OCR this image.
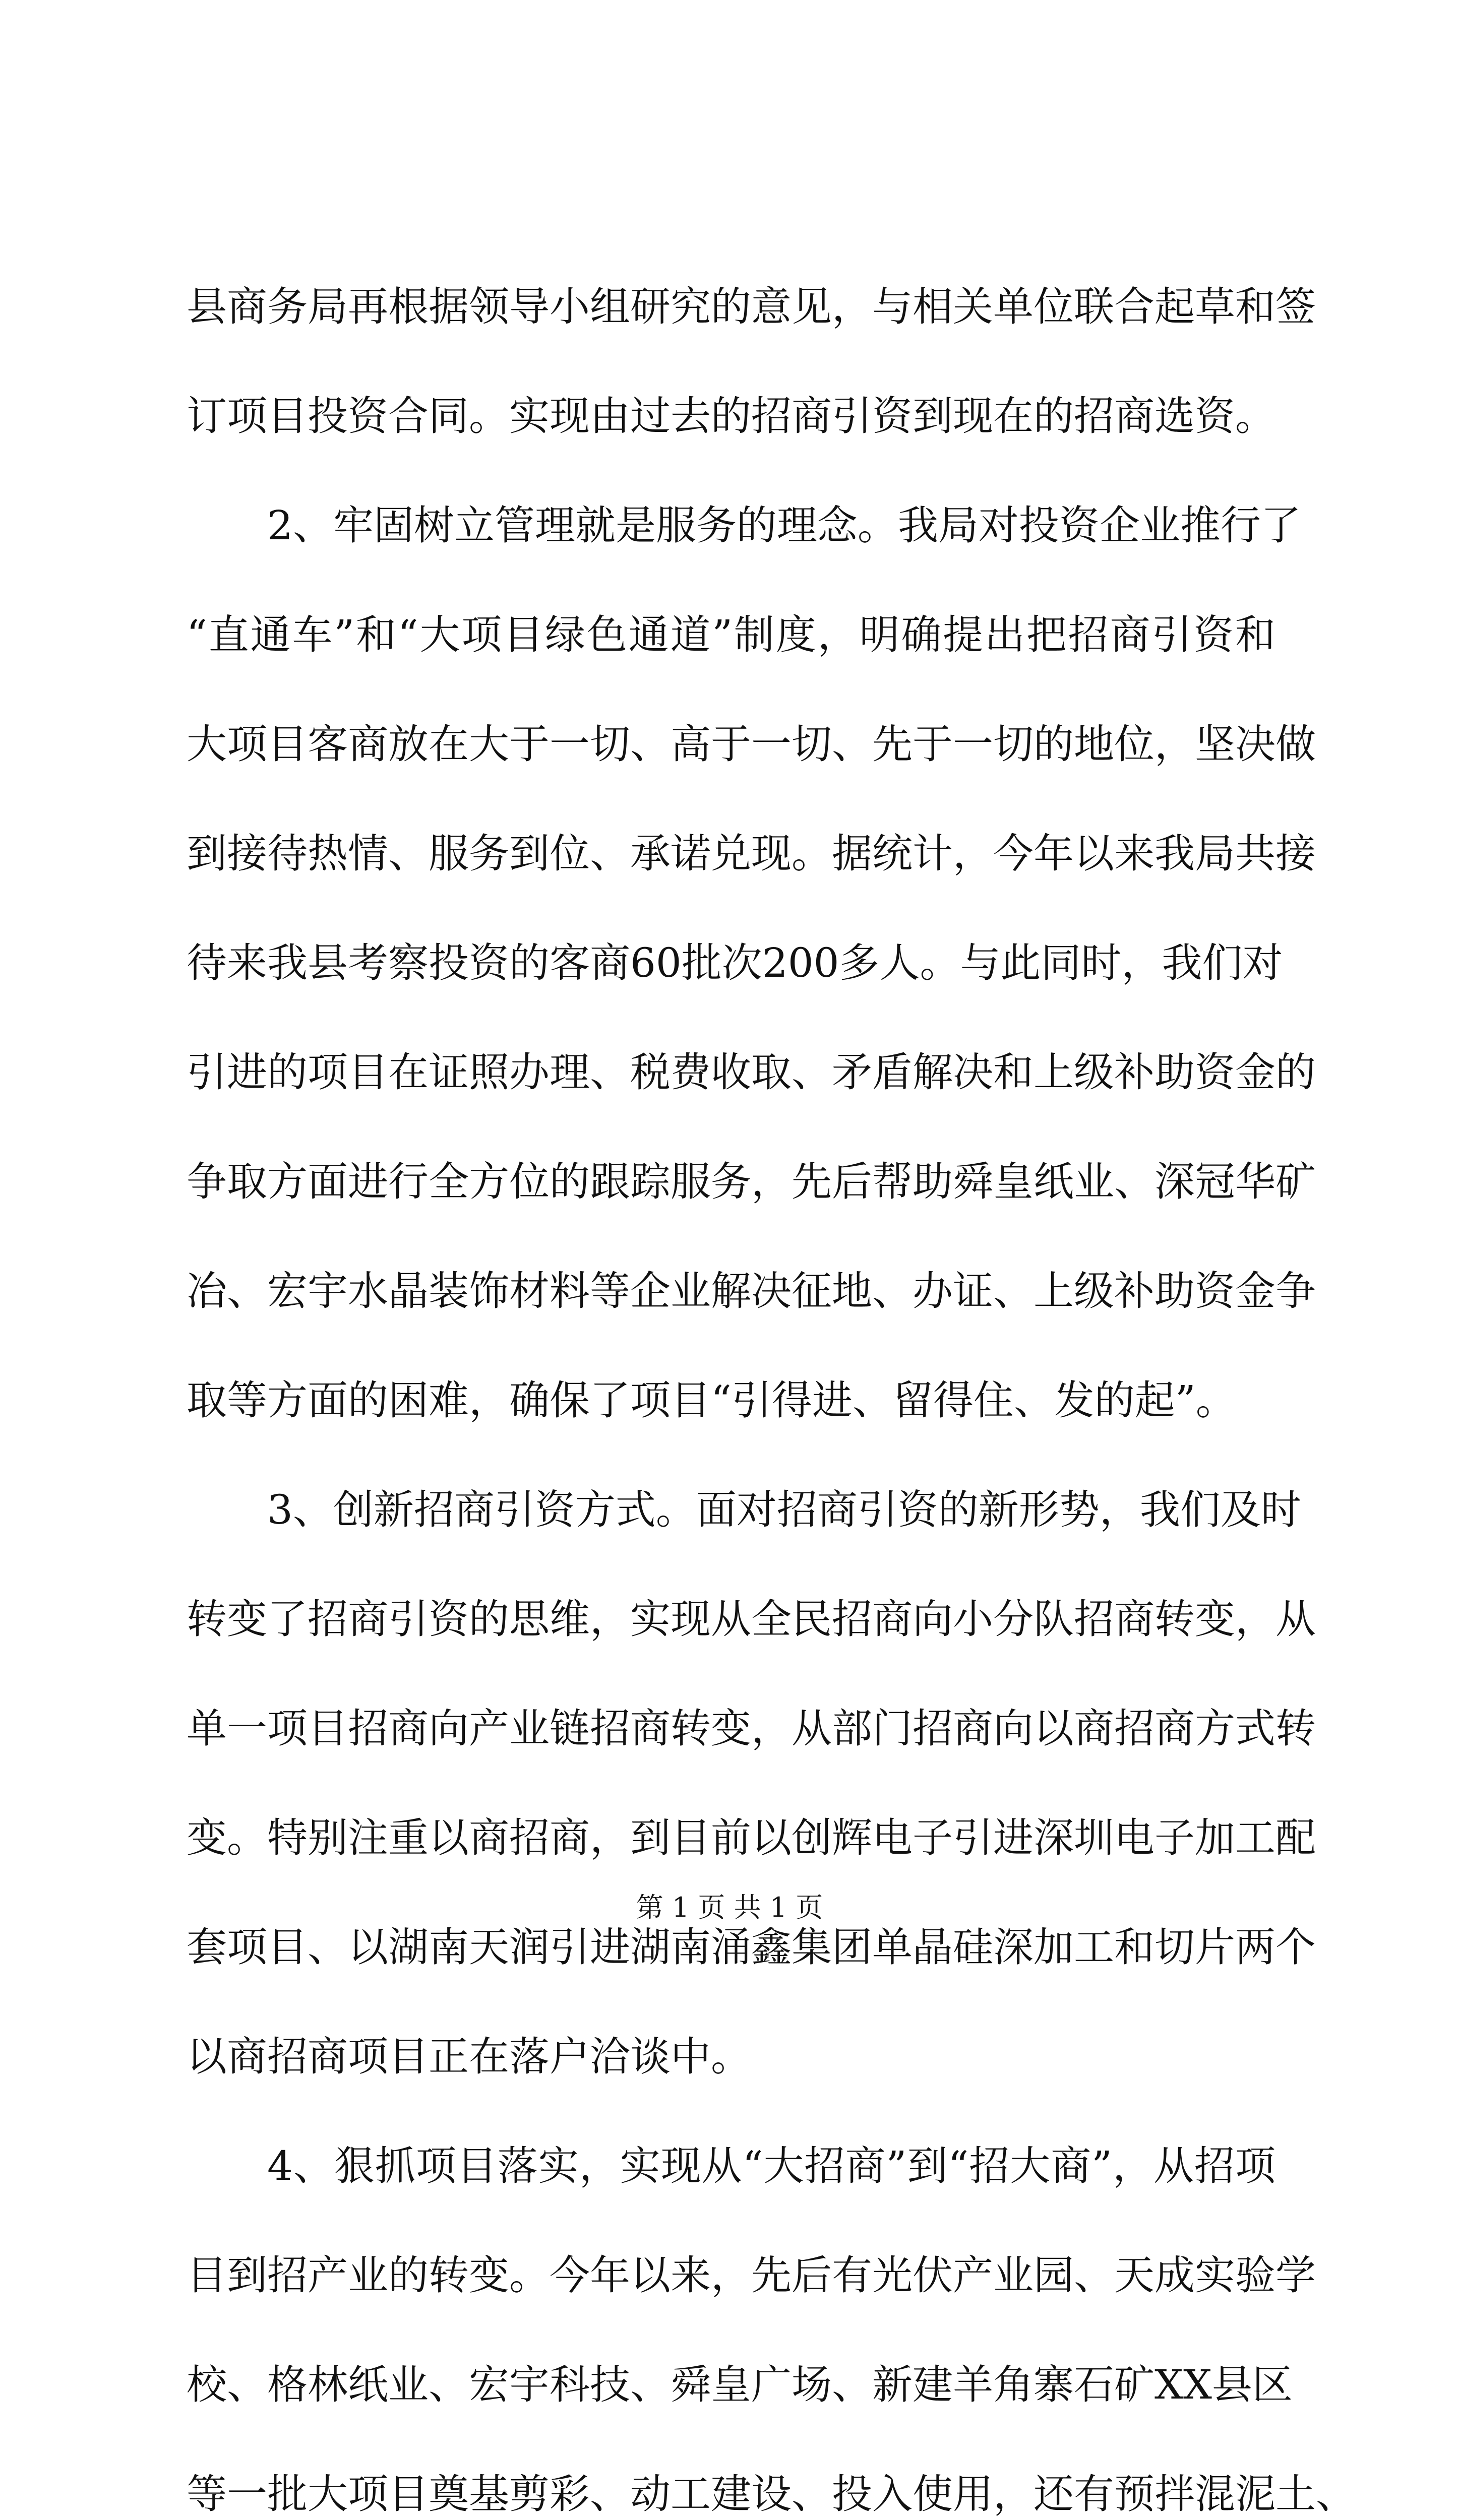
县商务局再根据领导小组研究的意见，与相关单位联合起草和签
订项目投资合同。实现由过去的招商引资到现在的招商选资。
2、牢固树立管理就是服务的理念。我局对投资企业推行了
“直通车”和“大项目绿色通道”制度，明确提出把招商引资和
大项目客商放在大于一切、高于一切、先于一切的地位，坚决做
到接待热情、服务到位、承诺兑现。据统计，今年以来我局共接
待来我县考察投资的客商60批次200多人。与此同时，我们对
引进的项目在证照办理、税费收取、矛盾解决和上级补助资金的
争取方面进行全方位的跟踪服务，先后帮助舜皇纸业、深冠华矿
冶、宏宇水晶装饰材料等企业解决征地、办证、上级补助资金争
取等方面的困难，确保了项目“引得进、留得住、发的起”。
3、创新招商引资方式。面对招商引资的新形势，我们及时
转变了招商引资的思维，实现从全民招商向小分队招商转变，从
单一项目招商向产业链招商转变，从部门招商向以商招商方式转
变。特别注重以商招商，到目前以创辉电子引进深圳电子加工配
套项目、以湖南天润引进湖南涌鑫集团单晶硅深加工和切片两个
以商招商项目正在落户洽谈中。
4、狠抓项目落实，实现从“大招商”到“招大商”，从招项
目到招产业的转变。今年以来，先后有光伏产业园、天成实验学
校、格林纸业、宏宇科技、舜皇广场、新建羊角寨石矿XX县区
等一批大项目奠基剪彩、动工建设、投入使用，还有预拌混泥土、
第 1 页 共 1 页
